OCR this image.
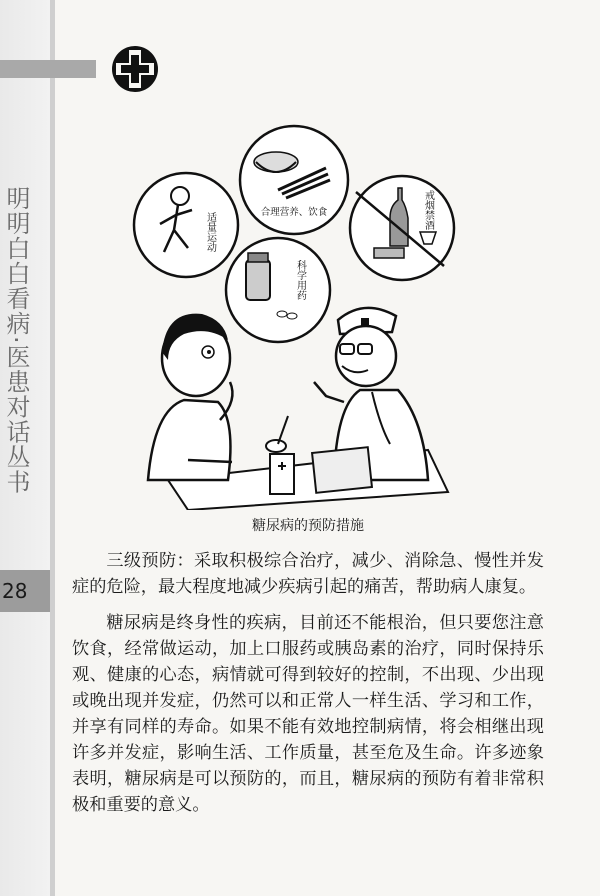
明明白白看病·医患对话丛书
28
适量运动	合理营养、饮食	戒烟禁酒
科学用药
糖尿病的预防措施

三级预防：采取积极综合治疗，减少、消除急、慢性并发症的危险，最大程度地减少疾病引起的痛苦，帮助病人康复。

糖尿病是终身性的疾病，目前还不能根治，但只要您注意饮食，经常做运动，加上口服药或胰岛素的治疗，同时保持乐观、健康的心态，病情就可得到较好的控制，不出现、少出现或晚出现并发症，仍然可以和正常人一样生活、学习和工作，并享有同样的寿命。如果不能有效地控制病情，将会相继出现许多并发症，影响生活、工作质量，甚至危及生命。许多迹象表明，糖尿病是可以预防的，而且，糖尿病的预防有着非常积极和重要的意义。
